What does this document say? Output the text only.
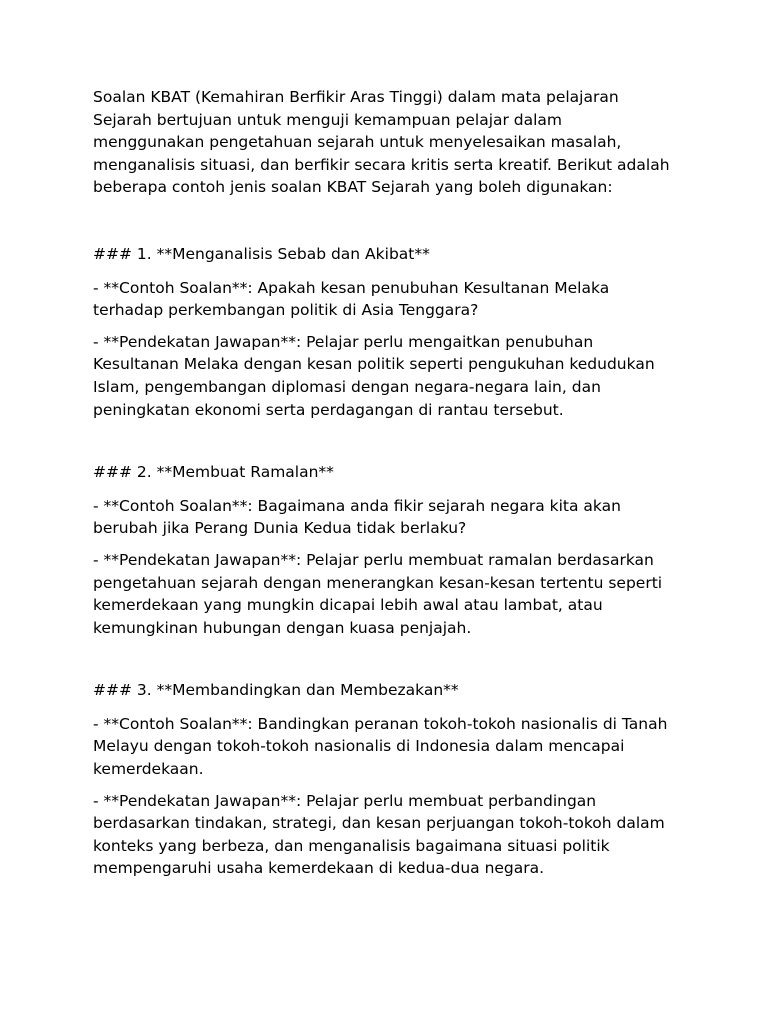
Soalan KBAT (Kemahiran Berfikir Aras Tinggi) dalam mata pelajaran Sejarah bertujuan untuk menguji kemampuan pelajar dalam menggunakan pengetahuan sejarah untuk menyelesaikan masalah, menganalisis situasi, dan berfikir secara kritis serta kreatif. Berikut adalah beberapa contoh jenis soalan KBAT Sejarah yang boleh digunakan:

### 1. **Menganalisis Sebab dan Akibat**

- **Contoh Soalan**: Apakah kesan penubuhan Kesultanan Melaka terhadap perkembangan politik di Asia Tenggara?

- **Pendekatan Jawapan**: Pelajar perlu mengaitkan penubuhan Kesultanan Melaka dengan kesan politik seperti pengukuhan kedudukan Islam, pengembangan diplomasi dengan negara-negara lain, dan peningkatan ekonomi serta perdagangan di rantau tersebut.

### 2. **Membuat Ramalan**

- **Contoh Soalan**: Bagaimana anda fikir sejarah negara kita akan berubah jika Perang Dunia Kedua tidak berlaku?

- **Pendekatan Jawapan**: Pelajar perlu membuat ramalan berdasarkan pengetahuan sejarah dengan menerangkan kesan-kesan tertentu seperti kemerdekaan yang mungkin dicapai lebih awal atau lambat, atau kemungkinan hubungan dengan kuasa penjajah.

### 3. **Membandingkan dan Membezakan**

- **Contoh Soalan**: Bandingkan peranan tokoh-tokoh nasionalis di Tanah Melayu dengan tokoh-tokoh nasionalis di Indonesia dalam mencapai kemerdekaan.

- **Pendekatan Jawapan**: Pelajar perlu membuat perbandingan berdasarkan tindakan, strategi, dan kesan perjuangan tokoh-tokoh dalam konteks yang berbeza, dan menganalisis bagaimana situasi politik mempengaruhi usaha kemerdekaan di kedua-dua negara.
